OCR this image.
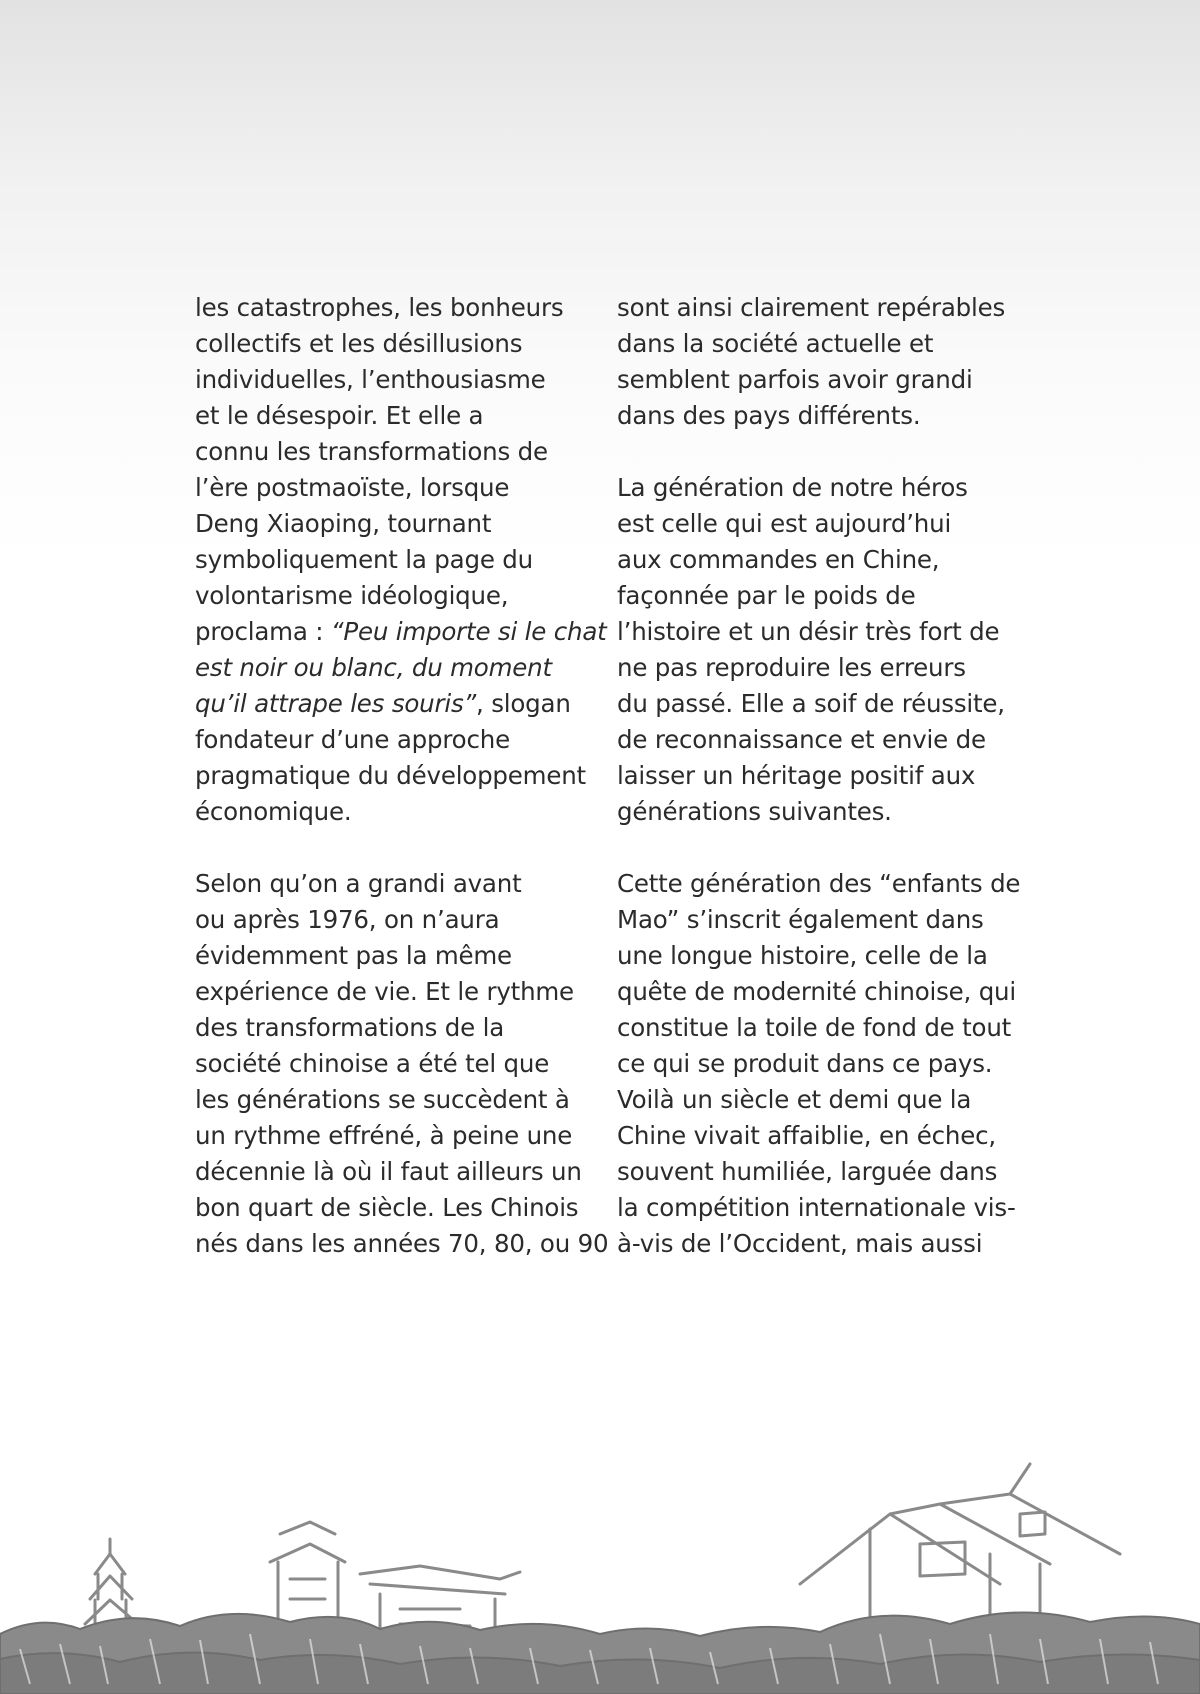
les catastrophes, les bonheurs
collectifs et les désillusions
individuelles, l’enthousiasme
et le désespoir. Et elle a
connu les transformations de
l’ère postmaoïste, lorsque
Deng Xiaoping, tournant
symboliquement la page du
volontarisme idéologique,
proclama : “Peu importe si le chat
est noir ou blanc, du moment
qu’il attrape les souris”, slogan
fondateur d’une approche
pragmatique du développement
économique.

Selon qu’on a grandi avant
ou après 1976, on n’aura
évidemment pas la même
expérience de vie. Et le rythme
des transformations de la
société chinoise a été tel que
les générations se succèdent à
un rythme effréné, à peine une
décennie là où il faut ailleurs un
bon quart de siècle. Les Chinois
nés dans les années 70, 80, ou 90

sont ainsi clairement repérables
dans la société actuelle et
semblent parfois avoir grandi
dans des pays différents.

La génération de notre héros
est celle qui est aujourd’hui
aux commandes en Chine,
façonnée par le poids de
l’histoire et un désir très fort de
ne pas reproduire les erreurs
du passé. Elle a soif de réussite,
de reconnaissance et envie de
laisser un héritage positif aux
générations suivantes.

Cette génération des “enfants de
Mao” s’inscrit également dans
une longue histoire, celle de la
quête de modernité chinoise, qui
constitue la toile de fond de tout
ce qui se produit dans ce pays.
Voilà un siècle et demi que la
Chine vivait affaiblie, en échec,
souvent humiliée, larguée dans
la compétition internationale vis-
à-vis de l’Occident, mais aussi
